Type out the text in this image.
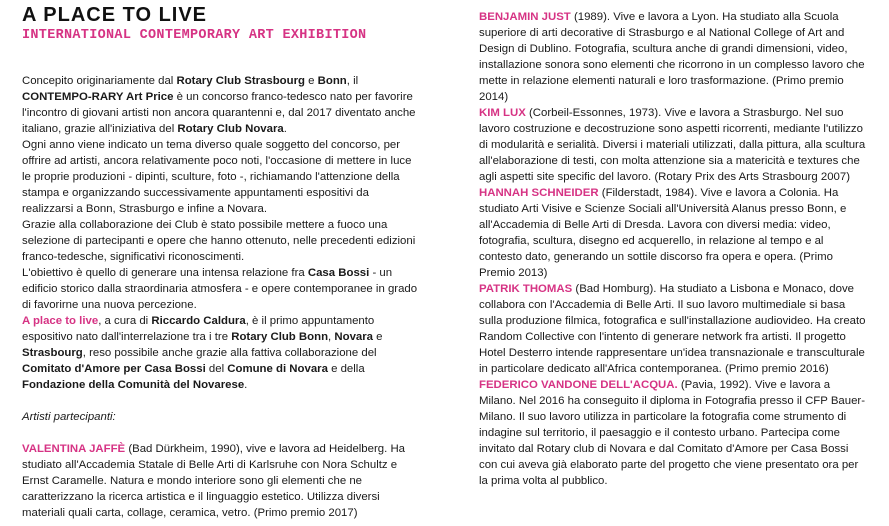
A PLACE TO LIVE
INTERNATIONAL CONTEMPORARY ART EXHIBITION

Concepito originariamente dal Rotary Club Strasbourg e Bonn, il CONTEMPO-RARY Art Price è un concorso franco-tedesco nato per favorire l'incontro di giovani artisti non ancora quarantenni e, dal 2017 diventato anche italiano, grazie all'iniziativa del Rotary Club Novara.

Ogni anno viene indicato un tema diverso quale soggetto del concorso, per offrire ad artisti, ancora relativamente poco noti, l'occasione di mettere in luce le proprie produzioni - dipinti, sculture, foto -, richiamando l'attenzione della stampa e organizzando successivamente appuntamenti espositivi da realizzarsi a Bonn, Strasburgo e infine a Novara.

Grazie alla collaborazione dei Club è stato possibile mettere a fuoco una selezione di partecipanti e opere che hanno ottenuto, nelle precedenti edizioni franco-tedesche, significativi riconoscimenti.

L'obiettivo è quello di generare una intensa relazione fra Casa Bossi - un edificio storico dalla straordinaria atmosfera - e opere contemporanee in grado di favorirne una nuova percezione.

A place to live, a cura di Riccardo Caldura, è il primo appuntamento espositivo nato dall'interrelazione tra i tre Rotary Club Bonn, Novara e Strasbourg, reso possibile anche grazie alla fattiva collaborazione del Comitato d'Amore per Casa Bossi del Comune di Novara e della Fondazione della Comunità del Novarese.

Artisti partecipanti:

VALENTINA JAFFÈ (Bad Dürkheim, 1990), vive e lavora ad Heidelberg. Ha studiato all'Accademia Statale di Belle Arti di Karlsruhe con Nora Schultz e Ernst Caramelle. Natura e mondo interiore sono gli elementi che ne caratterizzano la ricerca artistica e il linguaggio estetico. Utilizza diversi materiali quali carta, collage, ceramica, vetro. (Primo premio 2017)

BENJAMIN JUST (1989). Vive e lavora a Lyon. Ha studiato alla Scuola superiore di arti decorative di Strasburgo e al National College of Art and Design di Dublino. Fotografia, scultura anche di grandi dimensioni, video, installazione sonora sono elementi che ricorrono in un complesso lavoro che mette in relazione elementi naturali e loro trasformazione. (Primo premio 2014)

KIM LUX (Corbeil-Essonnes, 1973). Vive e lavora a Strasburgo. Nel suo lavoro costruzione e decostruzione sono aspetti ricorrenti, mediante l'utilizzo di modularità e serialità. Diversi i materiali utilizzati, dalla pittura, alla scultura all'elaborazione di testi, con molta attenzione sia a matericità e textures che agli aspetti site specific del lavoro. (Rotary Prix des Arts Strasbourg 2007)

HANNAH SCHNEIDER (Filderstadt, 1984). Vive e lavora a Colonia. Ha studiato Arti Visive e Scienze Sociali all'Università Alanus presso Bonn, e all'Accademia di Belle Arti di Dresda. Lavora con diversi media: video, fotografia, scultura, disegno ed acquerello, in relazione al tempo e al contesto dato, generando un sottile discorso fra opera e opera. (Primo Premio 2013)

PATRIK THOMAS (Bad Homburg). Ha studiato a Lisbona e Monaco, dove collabora con l'Accademia di Belle Arti. Il suo lavoro multimediale si basa sulla produzione filmica, fotografica e sull'installazione audiovideo. Ha creato Random Collective con l'intento di generare network fra artisti. Il progetto Hotel Desterro intende rappresentare un'idea transnazionale e transculturale in particolare dedicato all'Africa contemporanea. (Primo premio 2016)

FEDERICO VANDONE DELL'ACQUA. (Pavia, 1992). Vive e lavora a Milano. Nel 2016 ha conseguito il diploma in Fotografia presso il CFP Bauer-Milano. Il suo lavoro utilizza in particolare la fotografia come strumento di indagine sul territorio, il paesaggio e il contesto urbano. Partecipa come invitato dal Rotary club di Novara e dal Comitato d'Amore per Casa Bossi con cui aveva già elaborato parte del progetto che viene presentato ora per la prima volta al pubblico.
